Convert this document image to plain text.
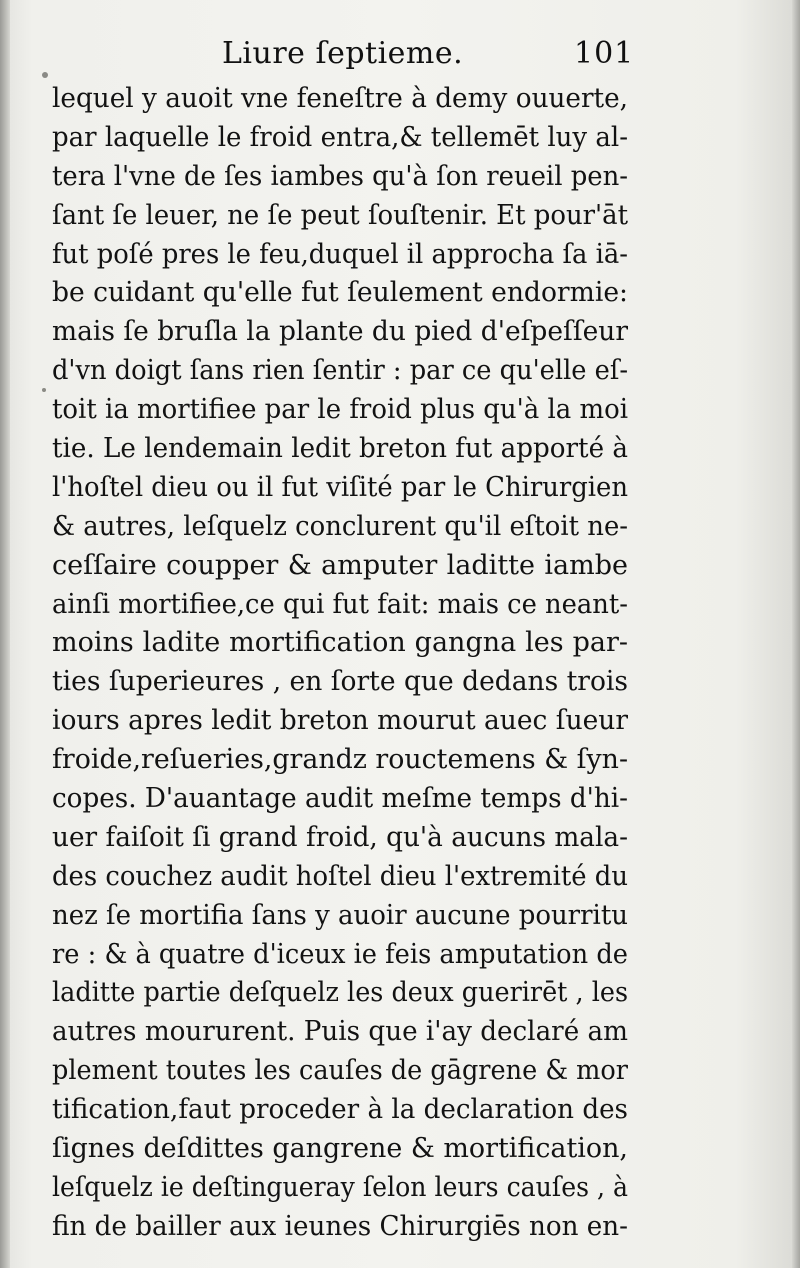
Liure ſeptieme.	101
lequel y auoit vne feneſtre à demy ouuerte,
par laquelle le froid entra,& tellemēt luy al-
tera l'vne de ſes iambes qu'à ſon reueil pen-
ſant ſe leuer, ne ſe peut ſouſtenir. Et pour'āt
fut poſé pres le feu,duquel il approcha ſa iā-
be cuidant qu'elle fut ſeulement endormie:
mais ſe bruſla la plante du pied d'eſpeſſeur
d'vn doigt ſans rien ſentir : par ce qu'elle eſ-
toit ia mortifiee par le froid plus qu'à la moi
tie. Le lendemain ledit breton fut apporté à
l'hoſtel dieu ou il fut viſité par le Chirurgien
& autres, leſquelz conclurent qu'il eſtoit ne-
ceſſaire coupper & amputer laditte iambe
ainſi mortifiee,ce qui fut fait: mais ce neant-
moins ladite mortification gangna les par-
ties ſuperieures , en ſorte que dedans trois
iours apres ledit breton mourut auec ſueur
froide,reſueries,grandz rouctemens & ſyn-
copes. D'auantage audit meſme temps d'hi-
uer faiſoit ſi grand froid, qu'à aucuns mala-
des couchez audit hoſtel dieu l'extremité du
nez ſe mortifia ſans y auoir aucune pourritu
re : & à quatre d'iceux ie feis amputation de
laditte partie deſquelz les deux guerirēt , les
autres moururent. Puis que i'ay declaré am
plement toutes les cauſes de gāgrene & mor
tification,faut proceder à la declaration des
ſignes deſdittes gangrene & mortification,
leſquelz ie deſtingueray ſelon leurs cauſes , à
fin de bailler aux ieunes Chirurgiēs non en-
